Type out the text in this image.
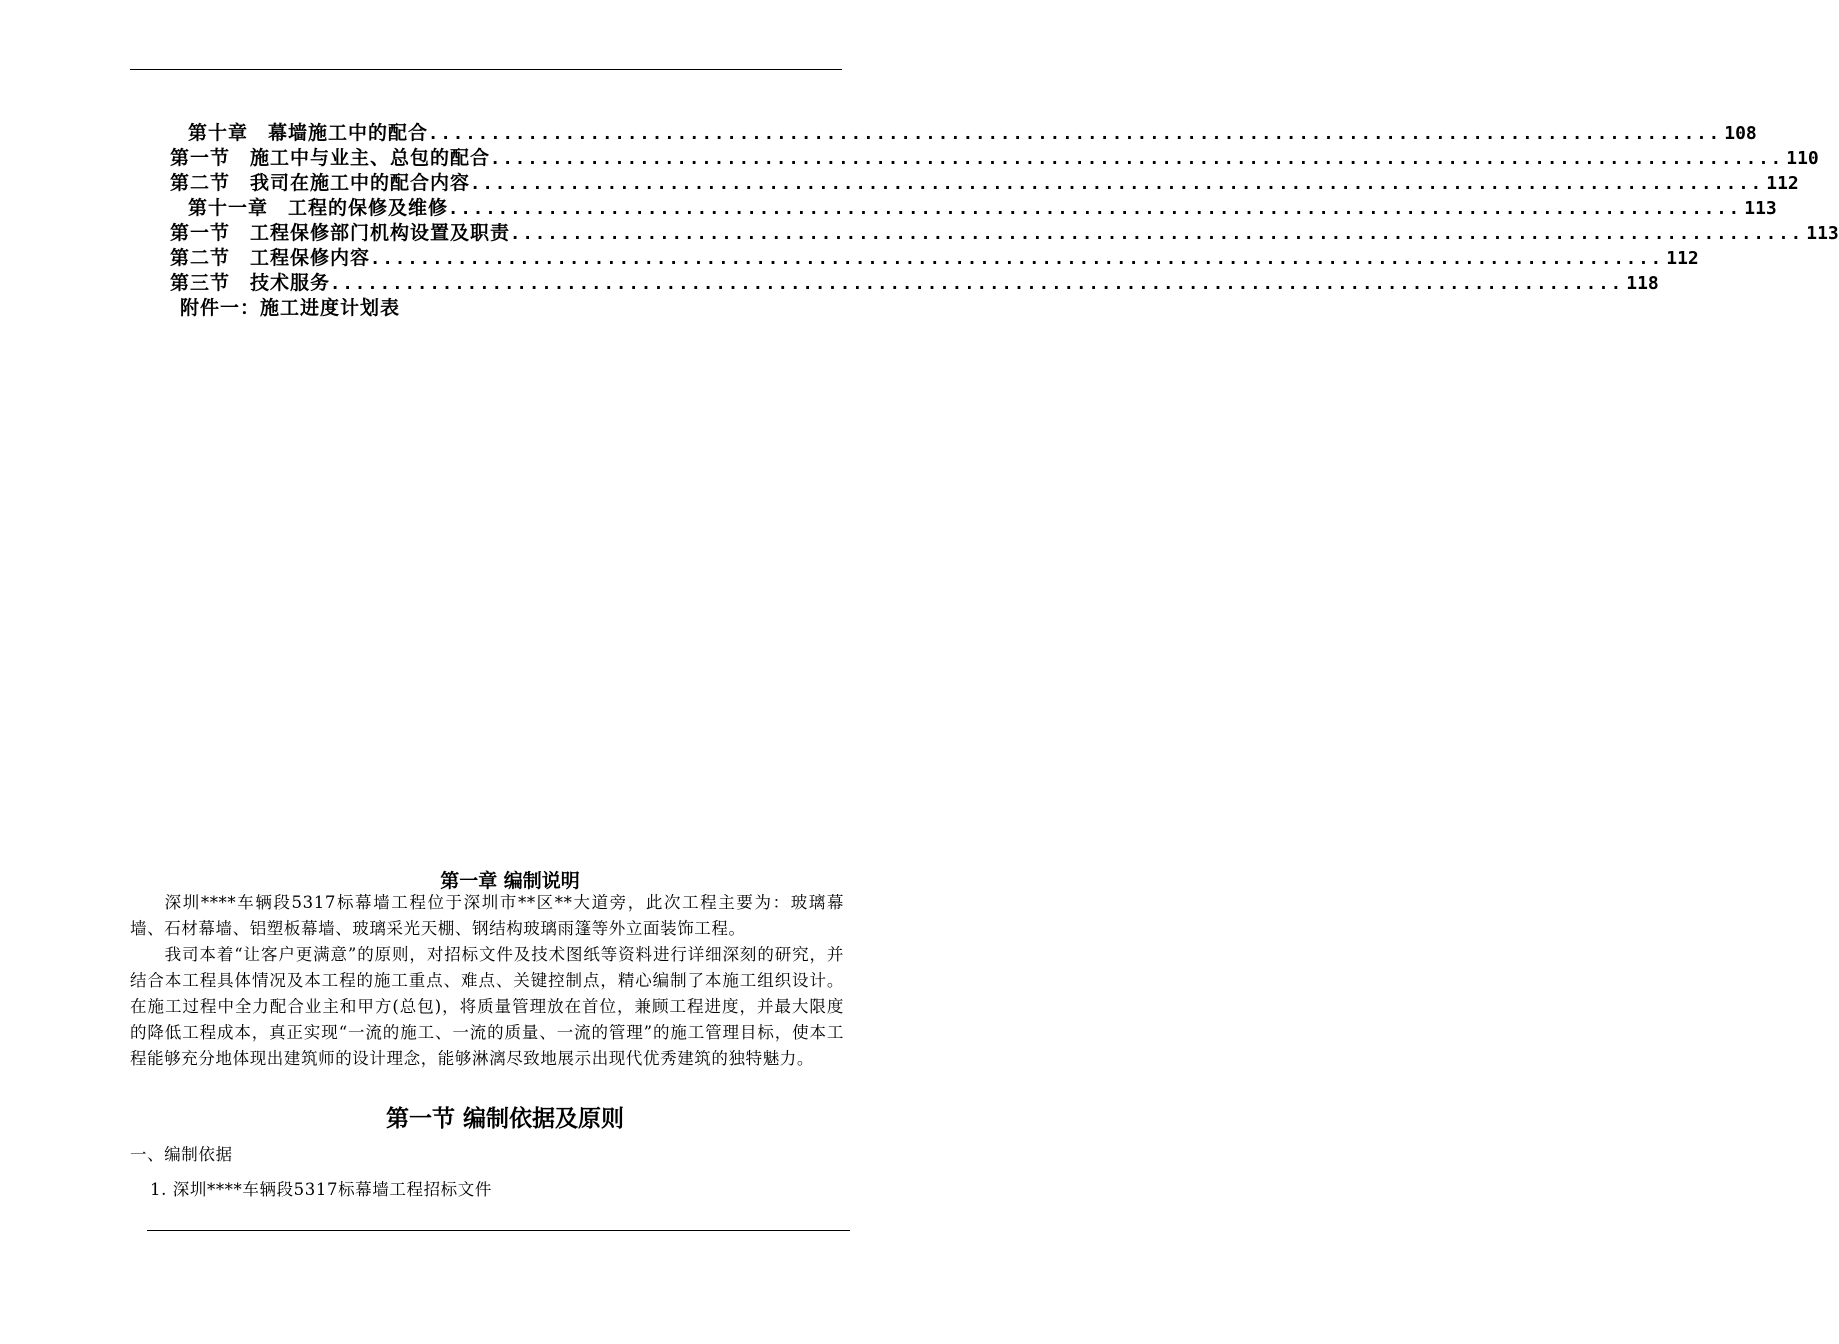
第十章　幕墙施工中的配合 ........................................................................................................ 108
第一节　施工中与业主、总包的配合 ........................................................................................................ 110
第二节　我司在施工中的配合内容 ........................................................................................................ 112
第十一章　工程的保修及维修 ........................................................................................................ 113
第一节　工程保修部门机构设置及职责 ........................................................................................................ 113
第二节　工程保修内容 ........................................................................................................ 112
第三节　技术服务 ........................................................................................................ 118
附件一：施工进度计划表
第一章 编制说明

深圳****车辆段5317标幕墙工程位于深圳市**区**大道旁，此次工程主要为：玻璃幕墙、石材幕墙、铝塑板幕墙、玻璃采光天棚、钢结构玻璃雨篷等外立面装饰工程。

我司本着“让客户更满意”的原则，对招标文件及技术图纸等资料进行详细深刻的研究，并结合本工程具体情况及本工程的施工重点、难点、关键控制点，精心编制了本施工组织设计。在施工过程中全力配合业主和甲方(总包)，将质量管理放在首位，兼顾工程进度，并最大限度的降低工程成本，真正实现“一流的施工、一流的质量、一流的管理”的施工管理目标，使本工程能够充分地体现出建筑师的设计理念，能够淋漓尽致地展示出现代优秀建筑的独特魅力。

第一节 编制依据及原则
一、编制依据
1. 深圳****车辆段5317标幕墙工程招标文件
